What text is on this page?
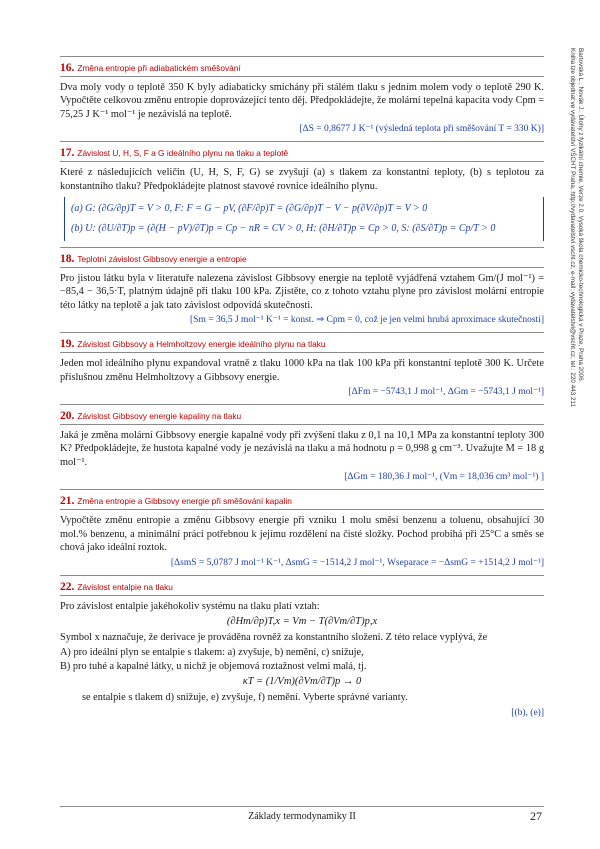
Bartovská L., Novák J.: Úlohy z fyzikální chemie, Verze 2.0. Vysoká škola chemicko-technologická v Praze, Praha 2006.
Kniha lze objednat ve vydavatelství VŠCHT Praha, http://vydavatelstvi.vscht.cz, e-mail: vydavatelstvi@vscht.cz, tel.: 220 443 211
16. Změna entropie při adiabatickém směšování
Dva moly vody o teplotě 350 K byly adiabaticky smíchány při stálém tlaku s jedním molem vody o teplotě 290 K. Vypočtěte celkovou změnu entropie doprovázející tento děj. Předpokládejte, že molární tepelná kapacita vody Cpm = 75,25 J K⁻¹ mol⁻¹ je nezávislá na teplotě.
[ΔS = 0,8677 J K⁻¹ (výsledná teplota při směšování T = 330 K)]
17. Závislost U, H, S, F a G ideálního plynu na tlaku a teplotě
Které z následujících veličin (U, H, S, F, G) se zvyšují (a) s tlakem za konstantní teploty, (b) s teplotou za konstantního tlaku? Předpokládejte platnost stavové rovnice ideálního plynu.
(a) G: (∂G/∂p)T = V > 0, F: F = G − pV, (∂F/∂p)T = (∂G/∂p)T − V − p(∂V/∂p)T = V > 0
(b) U: (∂U/∂T)p = (∂(H − pV)/∂T)p = Cp − nR = CV > 0, H: (∂H/∂T)p = Cp > 0, S: (∂S/∂T)p = Cp/T > 0
18. Teplotní závislost Gibbsovy energie a entropie
Pro jistou látku byla v literatuře nalezena závislost Gibbsovy energie na teplotě vyjádřená vztahem Gm/(J mol⁻¹) = −85,4 − 36,5·T, platným údajně při tlaku 100 kPa. Zjistěte, co z tohoto vztahu plyne pro závislost molární entropie této látky na teplotě a jak tato závislost odpovídá skutečnosti.
[Sm = 36,5 J mol⁻¹ K⁻¹ = konst. ⇒ Cpm = 0, což je jen velmi hrubá aproximace skutečnosti]
19. Závislost Gibbsovy a Helmholtzovy energie ideálního plynu na tlaku
Jeden mol ideálního plynu expandoval vratně z tlaku 1000 kPa na tlak 100 kPa při konstantní teplotě 300 K. Určete příslušnou změnu Helmholtzovy a Gibbsovy energie.
[ΔFm = −5743,1 J mol⁻¹, ΔGm = −5743,1 J mol⁻¹]
20. Závislost Gibbsovy energie kapaliny na tlaku
Jaká je změna molární Gibbsovy energie kapalné vody při zvýšení tlaku z 0,1 na 10,1 MPa za konstantní teploty 300 K? Předpokládejte, že hustota kapalné vody je nezávislá na tlaku a má hodnotu ρ = 0,998 g cm⁻³. Uvažujte M = 18 g mol⁻¹.
[ΔGm = 180,36 J mol⁻¹, (Vm = 18,036 cm³ mol⁻¹) ]
21. Změna entropie a Gibbsovy energie při směšování kapalin
Vypočtěte změnu entropie a změnu Gibbsovy energie při vzniku 1 molu směsi benzenu a toluenu, obsahující 30 mol.% benzenu, a minimální práci potřebnou k jejímu rozdělení na čisté složky. Pochod probíhá při 25°C a směs se chová jako ideální roztok.
[ΔsmS = 5,0787 J mol⁻¹ K⁻¹, ΔsmG = −1514,2 J mol⁻¹, Wseparace = −ΔsmG = +1514,2 J mol⁻¹]
22. Závislost entalpie na tlaku
Pro závislost entalpie jakéhokoliv systému na tlaku platí vztah:
(∂Hm/∂p)T,x = Vm − T(∂Vm/∂T)p,x
Symbol x naznačuje, že derivace je prováděna rovněž za konstantního složení. Z této relace vyplývá, že
A) pro ideální plyn se entalpie s tlakem: a) zvyšuje, b) nemění, c) snižuje,
B) pro tuhé a kapalné látky, u nichž je objemová roztažnost velmi malá, tj.
κT = (1/Vm)(∂Vm/∂T)p → 0
se entalpie s tlakem d) snižuje, e) zvyšuje, f) nemění. Vyberte správné varianty.
[(b), (e)]
Základy termodynamiky II	27
